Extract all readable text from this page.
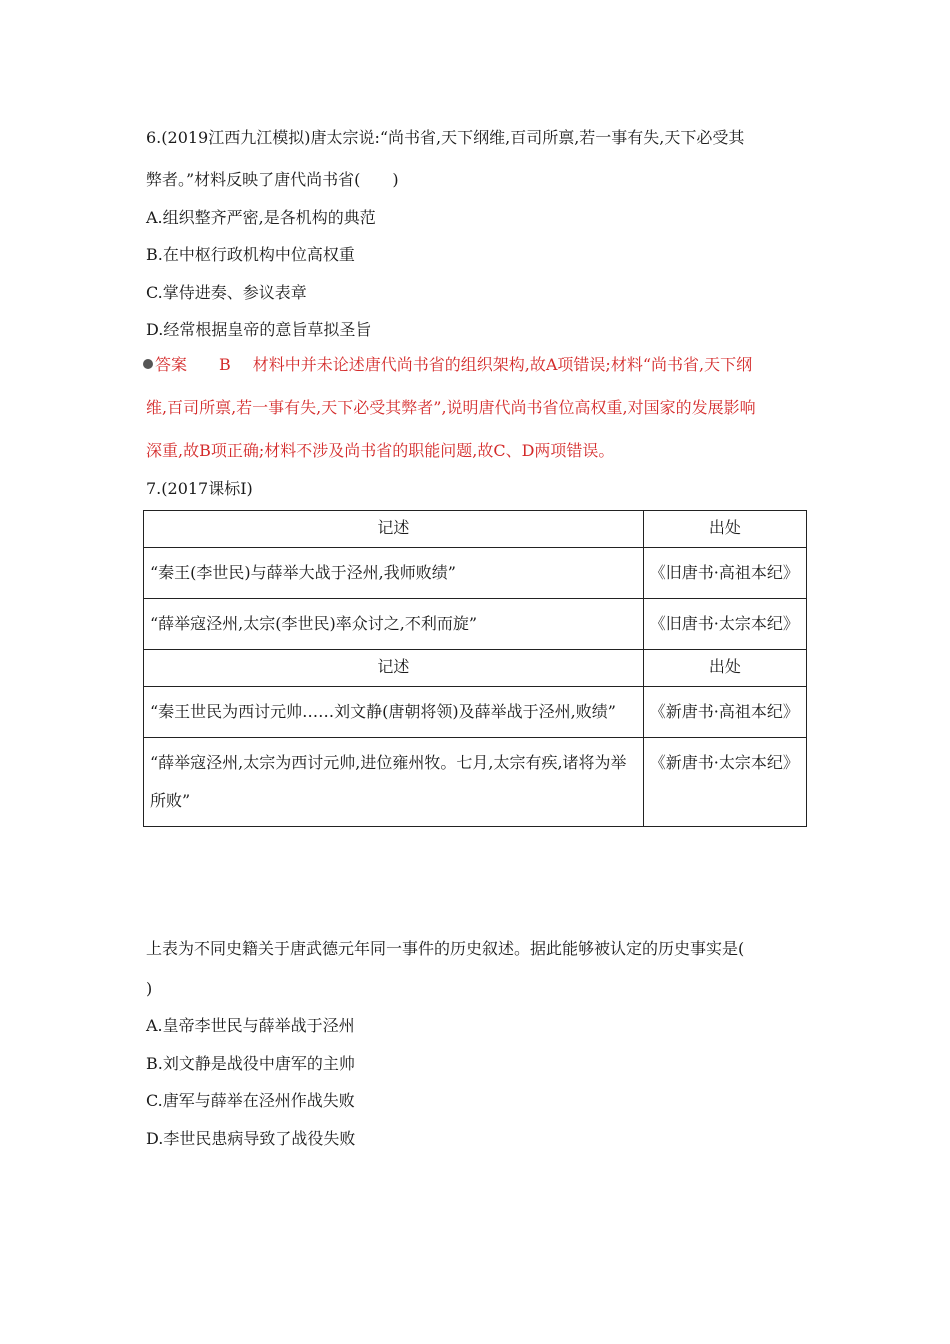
6.(2019江西九江模拟)唐太宗说:“尚书省,天下纲维,百司所禀,若一事有失,天下必受其
弊者。”材料反映了唐代尚书省(　　)
A.组织整齐严密,是各机构的典范
B.在中枢行政机构中位高权重
C.掌侍进奏、参议表章
D.经常根据皇帝的意旨草拟圣旨
答案 B 材料中并未论述唐代尚书省的组织架构,故A项错误;材料“尚书省,天下纲
维,百司所禀,若一事有失,天下必受其弊者”,说明唐代尚书省位高权重,对国家的发展影响
深重,故B项正确;材料不涉及尚书省的职能问题,故C、D两项错误。
7.(2017课标Ⅰ)
记述	出处
“秦王(李世民)与薛举大战于泾州,我师败绩”	《旧唐书·高祖本纪》
“薛举寇泾州,太宗(李世民)率众讨之,不利而旋”	《旧唐书·太宗本纪》
记述	出处
“秦王世民为西讨元帅……刘文静(唐朝将领)及薛举战于泾州,败绩”	《新唐书·高祖本纪》
“薛举寇泾州,太宗为西讨元帅,进位雍州牧。七月,太宗有疾,诸将为举所败”	《新唐书·太宗本纪》
上表为不同史籍关于唐武德元年同一事件的历史叙述。据此能够被认定的历史事实是(
)
A.皇帝李世民与薛举战于泾州
B.刘文静是战役中唐军的主帅
C.唐军与薛举在泾州作战失败
D.李世民患病导致了战役失败
